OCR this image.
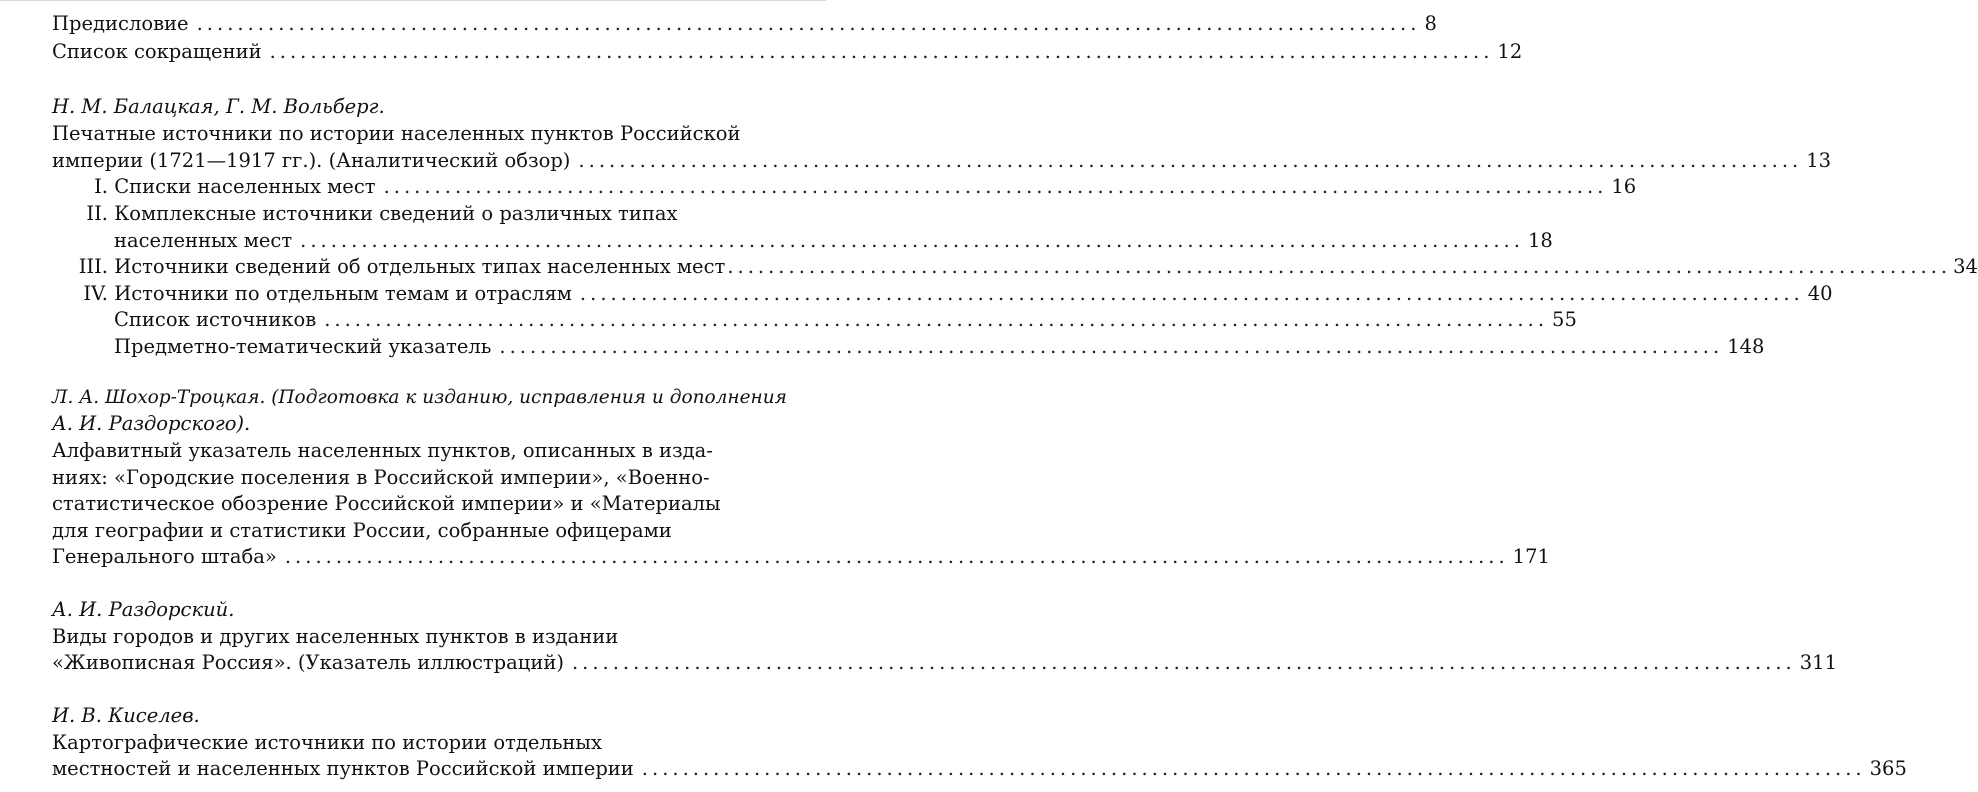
Предисловие ........................................................................................................................ 8
Список сокращений ........................................................................................................................ 12
Н. М. Балацкая, Г. М. Вольберг.
Печатные источники по истории населенных пунктов Российской
империи (1721—1917 гг.). (Аналитический обзор) ........................................................................................................................ 13
I. Списки населенных мест ........................................................................................................................ 16
II. Комплексные источники сведений о различных типах
населенных мест ........................................................................................................................ 18
III. Источники сведений об отдельных типах населенных мест ........................................................................................................................ 34
IV. Источники по отдельным темам и отраслям ........................................................................................................................ 40
Список источников ........................................................................................................................ 55
Предметно-тематический указатель ........................................................................................................................ 148
Л. А. Шохор-Троцкая. (Подготовка к изданию, исправления и дополнения
А. И. Раздорского).
Алфавитный указатель населенных пунктов, описанных в изда-
ниях: «Городские поселения в Российской империи», «Военно-
статистическое обозрение Российской империи» и «Материалы
для географии и статистики России, собранные офицерами
Генерального штаба» ........................................................................................................................ 171
А. И. Раздорский.
Виды городов и других населенных пунктов в издании
«Живописная Россия». (Указатель иллюстраций) ........................................................................................................................ 311
И. В. Киселев.
Картографические источники по истории отдельных
местностей и населенных пунктов Российской империи ........................................................................................................................ 365
